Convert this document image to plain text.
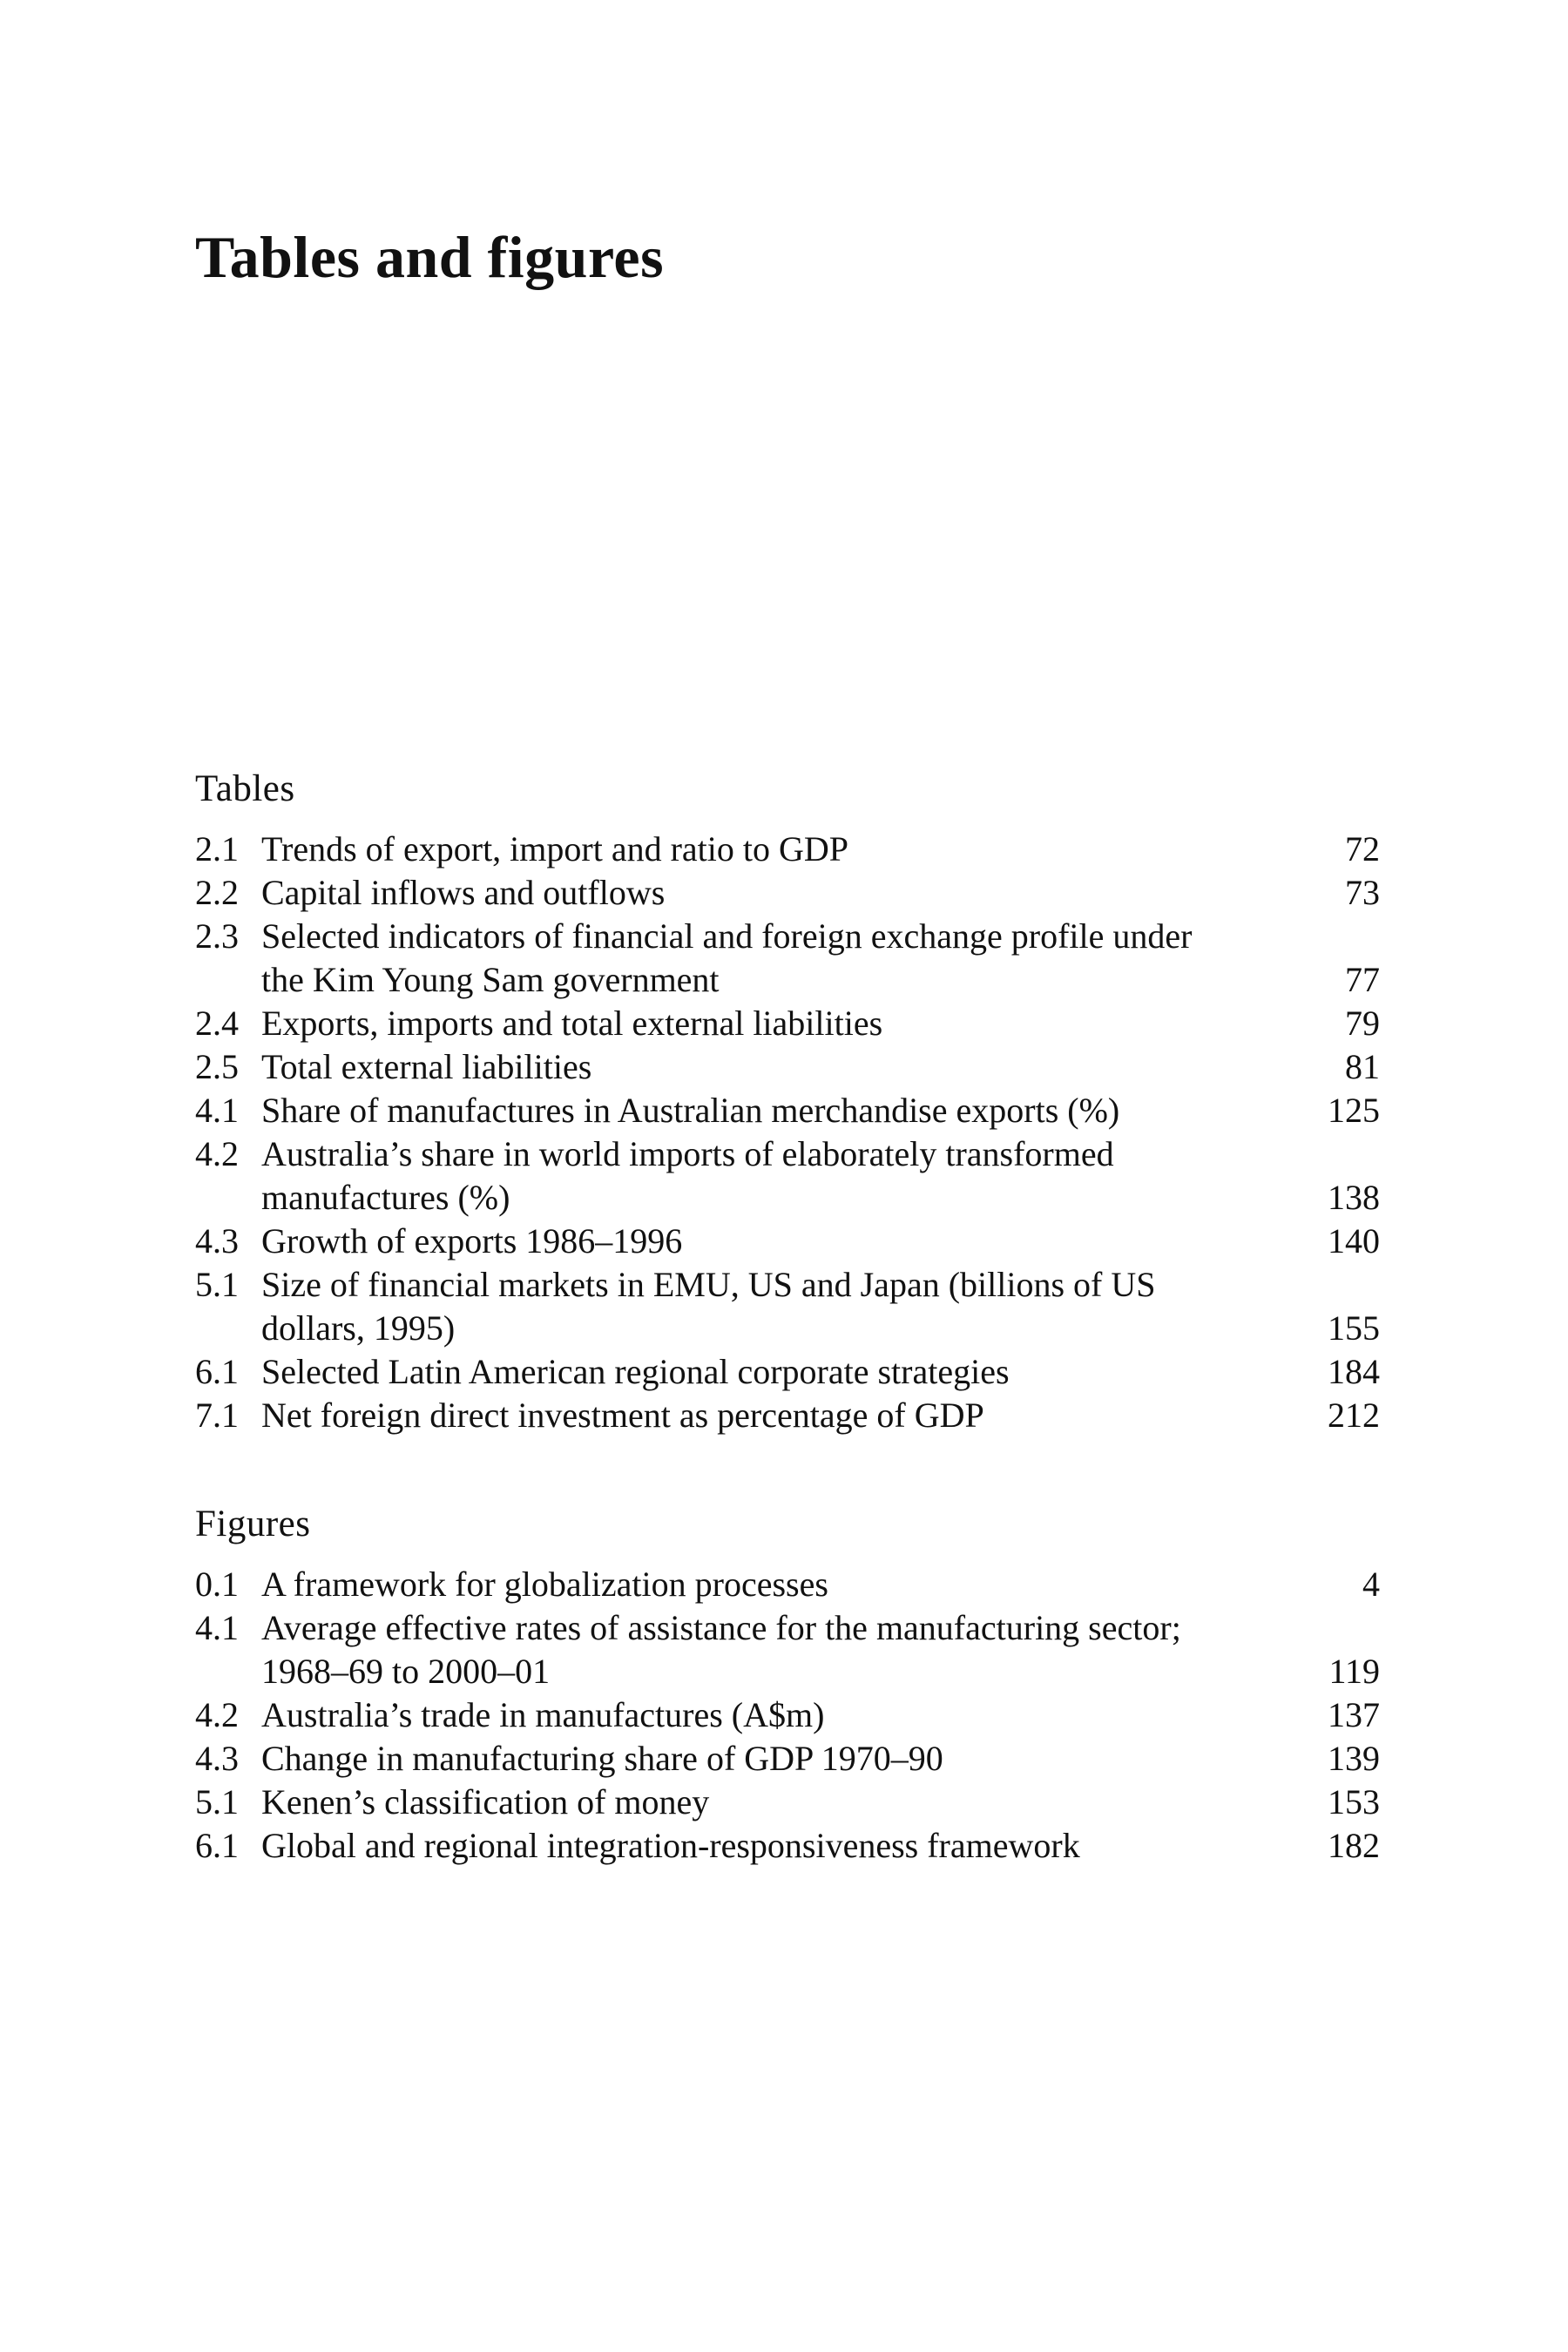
Tables and figures
Tables
2.1 Trends of export, import and ratio to GDP	72
2.2 Capital inflows and outflows	73
2.3 Selected indicators of financial and foreign exchange profile under the Kim Young Sam government	77
2.4 Exports, imports and total external liabilities	79
2.5 Total external liabilities	81
4.1 Share of manufactures in Australian merchandise exports (%)	125
4.2 Australia’s share in world imports of elaborately transformed manufactures (%)	138
4.3 Growth of exports 1986–1996	140
5.1 Size of financial markets in EMU, US and Japan (billions of US dollars, 1995)	155
6.1 Selected Latin American regional corporate strategies	184
7.1 Net foreign direct investment as percentage of GDP	212
Figures
0.1 A framework for globalization processes	4
4.1 Average effective rates of assistance for the manufacturing sector; 1968–69 to 2000–01	119
4.2 Australia’s trade in manufactures (A$m)	137
4.3 Change in manufacturing share of GDP 1970–90	139
5.1 Kenen’s classification of money	153
6.1 Global and regional integration-responsiveness framework	182
